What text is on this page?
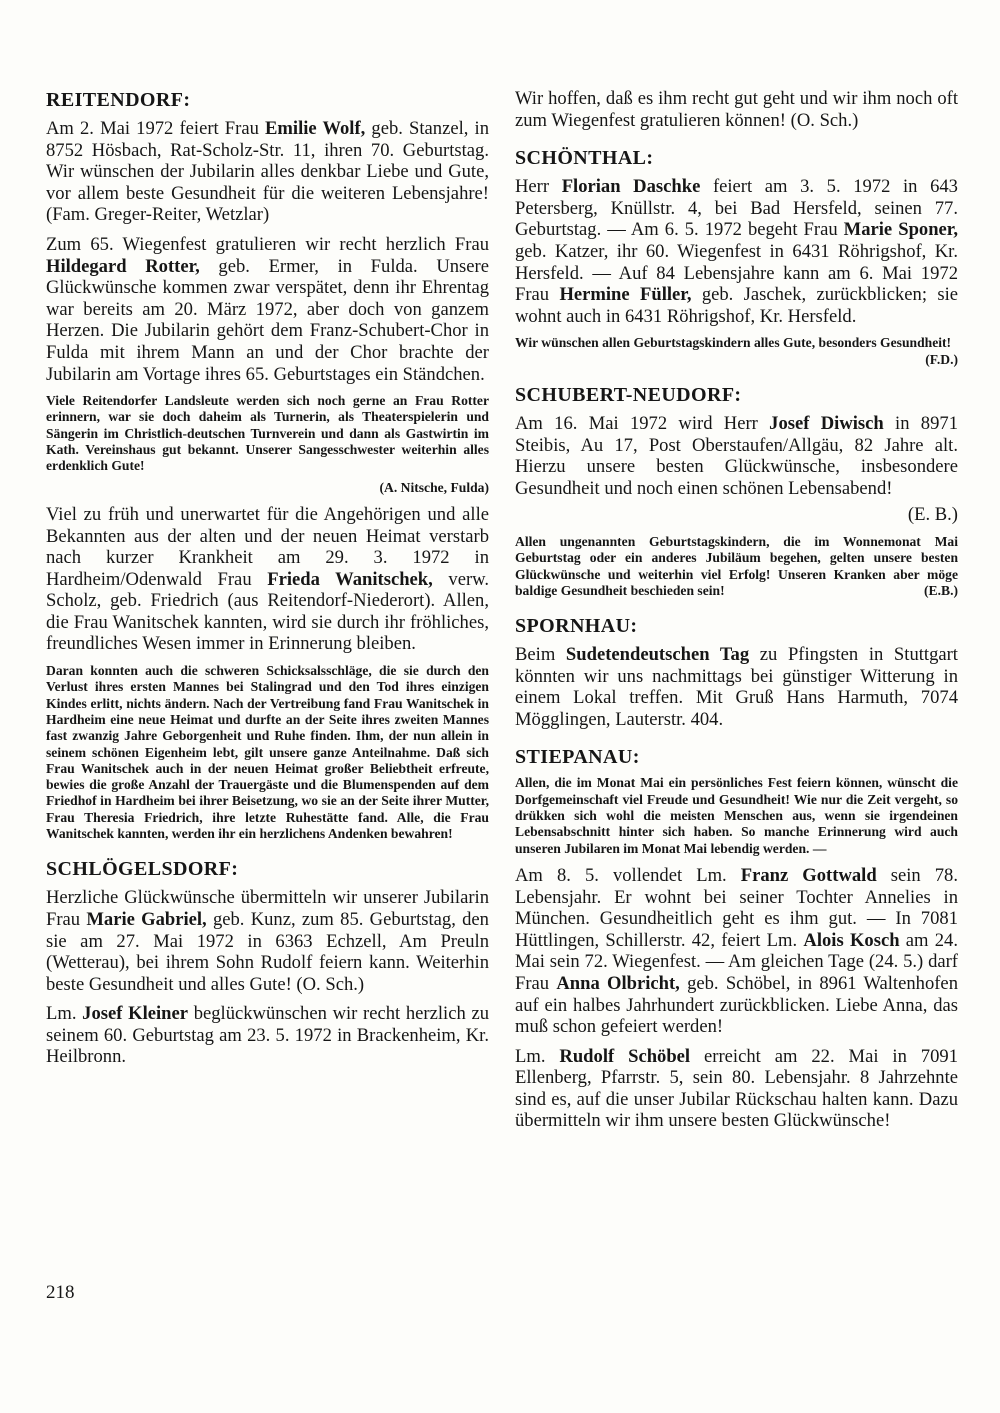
REITENDORF:

Am 2. Mai 1972 feiert Frau Emilie Wolf, geb. Stanzel, in 8752 Hösbach, Rat-Scholz-Str. 11, ihren 70. Geburtstag. Wir wünschen der Jubilarin alles denkbar Liebe und Gute, vor allem beste Gesundheit für die weiteren Lebensjahre! (Fam. Greger-Reiter, Wetzlar)

Zum 65. Wiegenfest gratulieren wir recht herzlich Frau Hildegard Rotter, geb. Ermer, in Fulda. Unsere Glückwünsche kommen zwar verspätet, denn ihr Ehrentag war bereits am 20. März 1972, aber doch von ganzem Herzen. Die Jubilarin gehört dem Franz-Schubert-Chor in Fulda mit ihrem Mann an und der Chor brachte der Jubilarin am Vortage ihres 65. Geburtstages ein Ständchen.

Viele Reitendorfer Landsleute werden sich noch gerne an Frau Rotter erinnern, war sie doch daheim als Turnerin, als Theaterspielerin und Sängerin im Christlich-deutschen Turnverein und dann als Gastwirtin im Kath. Vereinshaus gut bekannt. Unserer Sangesschwester weiterhin alles erdenklich Gute!

(A. Nitsche, Fulda)

Viel zu früh und unerwartet für die Angehörigen und alle Bekannten aus der alten und der neuen Heimat verstarb nach kurzer Krankheit am 29. 3. 1972 in Hardheim/Odenwald Frau Frieda Wanitschek, verw. Scholz, geb. Friedrich (aus Reitendorf-Niederort). Allen, die Frau Wanitschek kannten, wird sie durch ihr fröhliches, freundliches Wesen immer in Erinnerung bleiben.

Daran konnten auch die schweren Schicksalsschläge, die sie durch den Verlust ihres ersten Mannes bei Stalingrad und den Tod ihres einzigen Kindes erlitt, nichts ändern. Nach der Vertreibung fand Frau Wanitschek in Hardheim eine neue Heimat und durfte an der Seite ihres zweiten Mannes fast zwanzig Jahre Geborgenheit und Ruhe finden. Ihm, der nun allein in seinem schönen Eigenheim lebt, gilt unsere ganze Anteilnahme. Daß sich Frau Wanitschek auch in der neuen Heimat großer Beliebtheit erfreute, bewies die große Anzahl der Trauergäste und die Blumenspenden auf dem Friedhof in Hardheim bei ihrer Beisetzung, wo sie an der Seite ihrer Mutter, Frau Theresia Friedrich, ihre letzte Ruhestätte fand. Alle, die Frau Wanitschek kannten, werden ihr ein herzlichens Andenken bewahren!

SCHLÖGELSDORF:

Herzliche Glückwünsche übermitteln wir unserer Jubilarin Frau Marie Gabriel, geb. Kunz, zum 85. Geburtstag, den sie am 27. Mai 1972 in 6363 Echzell, Am Preuln (Wetterau), bei ihrem Sohn Rudolf feiern kann. Weiterhin beste Gesundheit und alles Gute! (O. Sch.)

Lm. Josef Kleiner beglückwünschen wir recht herzlich zu seinem 60. Geburtstag am 23. 5. 1972 in Brackenheim, Kr. Heilbronn.

Wir hoffen, daß es ihm recht gut geht und wir ihm noch oft zum Wiegenfest gratulieren können! (O. Sch.)

SCHÖNTHAL:

Herr Florian Daschke feiert am 3. 5. 1972 in 643 Petersberg, Knüllstr. 4, bei Bad Hersfeld, seinen 77. Geburtstag. — Am 6. 5. 1972 begeht Frau Marie Sponer, geb. Katzer, ihr 60. Wiegenfest in 6431 Röhrigshof, Kr. Hersfeld. — Auf 84 Lebensjahre kann am 6. Mai 1972 Frau Hermine Füller, geb. Jaschek, zurückblicken; sie wohnt auch in 6431 Röhrigshof, Kr. Hersfeld.

Wir wünschen allen Geburtstagskindern alles Gute, besonders Gesundheit!
(F.D.)

SCHUBERT-NEUDORF:

Am 16. Mai 1972 wird Herr Josef Diwisch in 8971 Steibis, Au 17, Post Oberstaufen/Allgäu, 82 Jahre alt. Hierzu unsere besten Glückwünsche, insbesondere Gesundheit und noch einen schönen Lebensabend!

(E. B.)

Allen ungenannten Geburtstagskindern, die im Wonnemonat Mai Geburtstag oder ein anderes Jubiläum begehen, gelten unsere besten Glückwünsche und weiterhin viel Erfolg! Unseren Kranken aber möge baldige Gesundheit beschieden sein!	(E.B.)

SPORNHAU:

Beim Sudetendeutschen Tag zu Pfingsten in Stuttgart könnten wir uns nachmittags bei günstiger Witterung in einem Lokal treffen. Mit Gruß Hans Harmuth, 7074 Mögglingen, Lauterstr. 404.

STIEPANAU:

Allen, die im Monat Mai ein persönliches Fest feiern können, wünscht die Dorfgemeinschaft viel Freude und Gesundheit! Wie nur die Zeit vergeht, so drükken sich wohl die meisten Menschen aus, wenn sie irgendeinen Lebensabschnitt hinter sich haben. So manche Erinnerung wird auch unseren Jubilaren im Monat Mai lebendig werden. —

Am 8. 5. vollendet Lm. Franz Gottwald sein 78. Lebensjahr. Er wohnt bei seiner Tochter Annelies in München. Gesundheitlich geht es ihm gut. — In 7081 Hüttlingen, Schillerstr. 42, feiert Lm. Alois Kosch am 24. Mai sein 72. Wiegenfest. — Am gleichen Tage (24. 5.) darf Frau Anna Olbricht, geb. Schöbel, in 8961 Waltenhofen auf ein halbes Jahrhundert zurückblicken. Liebe Anna, das muß schon gefeiert werden!

Lm. Rudolf Schöbel erreicht am 22. Mai in 7091 Ellenberg, Pfarrstr. 5, sein 80. Lebensjahr. 8 Jahrzehnte sind es, auf die unser Jubilar Rückschau halten kann. Dazu übermitteln wir ihm unsere besten Glückwünsche!

218
